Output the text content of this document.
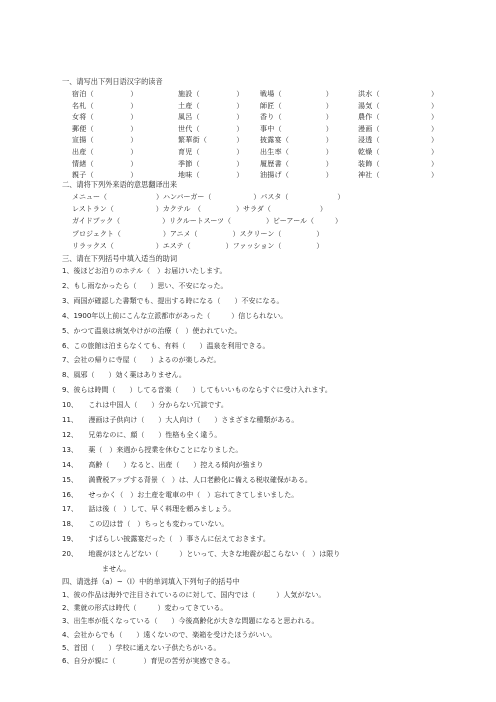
一、请写出下列日语汉字的读音
宿泊（　　　　　）	施設（　　　　　） 戦場（　　　　　　）	洪水（　　　　　　　）
名札（　　　　　）	土産（　　　　　） 師匠（　　　　　　）	湯気（　　　　　　　）
女将（　　　　　）	風呂（　　　　　） 香り（　　　　　　）	農作（　　　　　　　）
郵便（　　　　　）	世代（　　　　　） 事中（　　　　　　）	漫画（　　　　　　　）
宣揚（　　　　　）	繁華街（　　　　） 披露宴（　　　　　）	浸透（　　　　　　　）
出産（　　　　　）	育児（　　　　　） 出生率（　　　　　）	乾燥（　　　　　　　）
情緒（　　　　　）	季節（　　　　　） 履歴書（　　　　　）	装飾（　　　　　　　）
親子（　　　　　）	地味（　　　　　） 油揚げ（　　　　　）	神社（　　　　　　　）
二、请将下列外来语的意思翻译出来
メニュー（　　　　　　　）ハンバーガー（　　　　　　）パスタ（　　　　　　　）
レストラン（　　　　　　）カクテル　（　　　　　）サラダ（　　　　　　　）
ガイドブック（　　　　　　）リクルートスーツ（　　　　　）ビーアール（　　　）
プロジェクト（　　　　　　）アニメ（　　　　　）スクリーン（　　　　　）
リラックス（　　　　　　）エステ（　　　　　）ファッション（　　　　　）
三、请在下列括号中填入适当的助词
1、後ほどお泊りのホテル（　）お届けいたします。
2、もし雨なかったら（　　）思い、不安になった。
3、両国が確認した書類でも、提出する時になる（　　）不安になる。
4、1900年以上前にこんな立派都市があった（　　　）信じられない。
5、かつて温泉は病気やけがの治療（　）使われていた。
6、この旅館は泊まらなくても、有料（　　）温泉を利用できる。
7、会社の帰りに寺屋（　　）よるのが楽しみだ。
8、風邪（　　）効く薬はありません。
9、彼らは時間（　　）してる音楽（　　）してもいいものならすぐに受け入れます。
10、　　これは中国人（　　）分からない冗談です。
11、　　漫画は子供向け（　　）大人向け（　　）さまざまな種類がある。
12、　　兄弟なのに、顔（　　）性格も全く違う。
13、　　薬（　）来週から授業を休むことになりました。
14、　　高齢（　　）なると、出産（　　）控える傾向が強まり
15、　　満費税アップする背景（　）は、人口老齢化に備える税収確保がある。
16、　　せっかく（　）お土産を電車の中（　）忘れてきてしまいました。
17、　　話は後（　）して、早く料理を頼みましょう。
18、　　この辺は昔（　）ちっとも変わっていない。
19、　　すばらしい披露宴だった（　）事さんに伝えておきます。
20、　　地震がほとんどない（　　　）といって、大きな地震が起こらない（　）は限り
ません。
四、请选择（a）~（l）中的单词填入下列句子的括号中
1、彼の作品は海外で注目されているのに対して、国内では（　　　）人気がない。
2、業就の形式は時代（　　　）変わってきている。
3、出生率が低くなっている（　　）今後高齢化が大きな問題になると思われる。
4、会社からでも（　　）遠くないので、楽箱を受けたほうがいい。
5、首団（　　）学校に通えない子供たちがいる。
6、自分が親に（　　　　）育児の苦労が実感できる。
